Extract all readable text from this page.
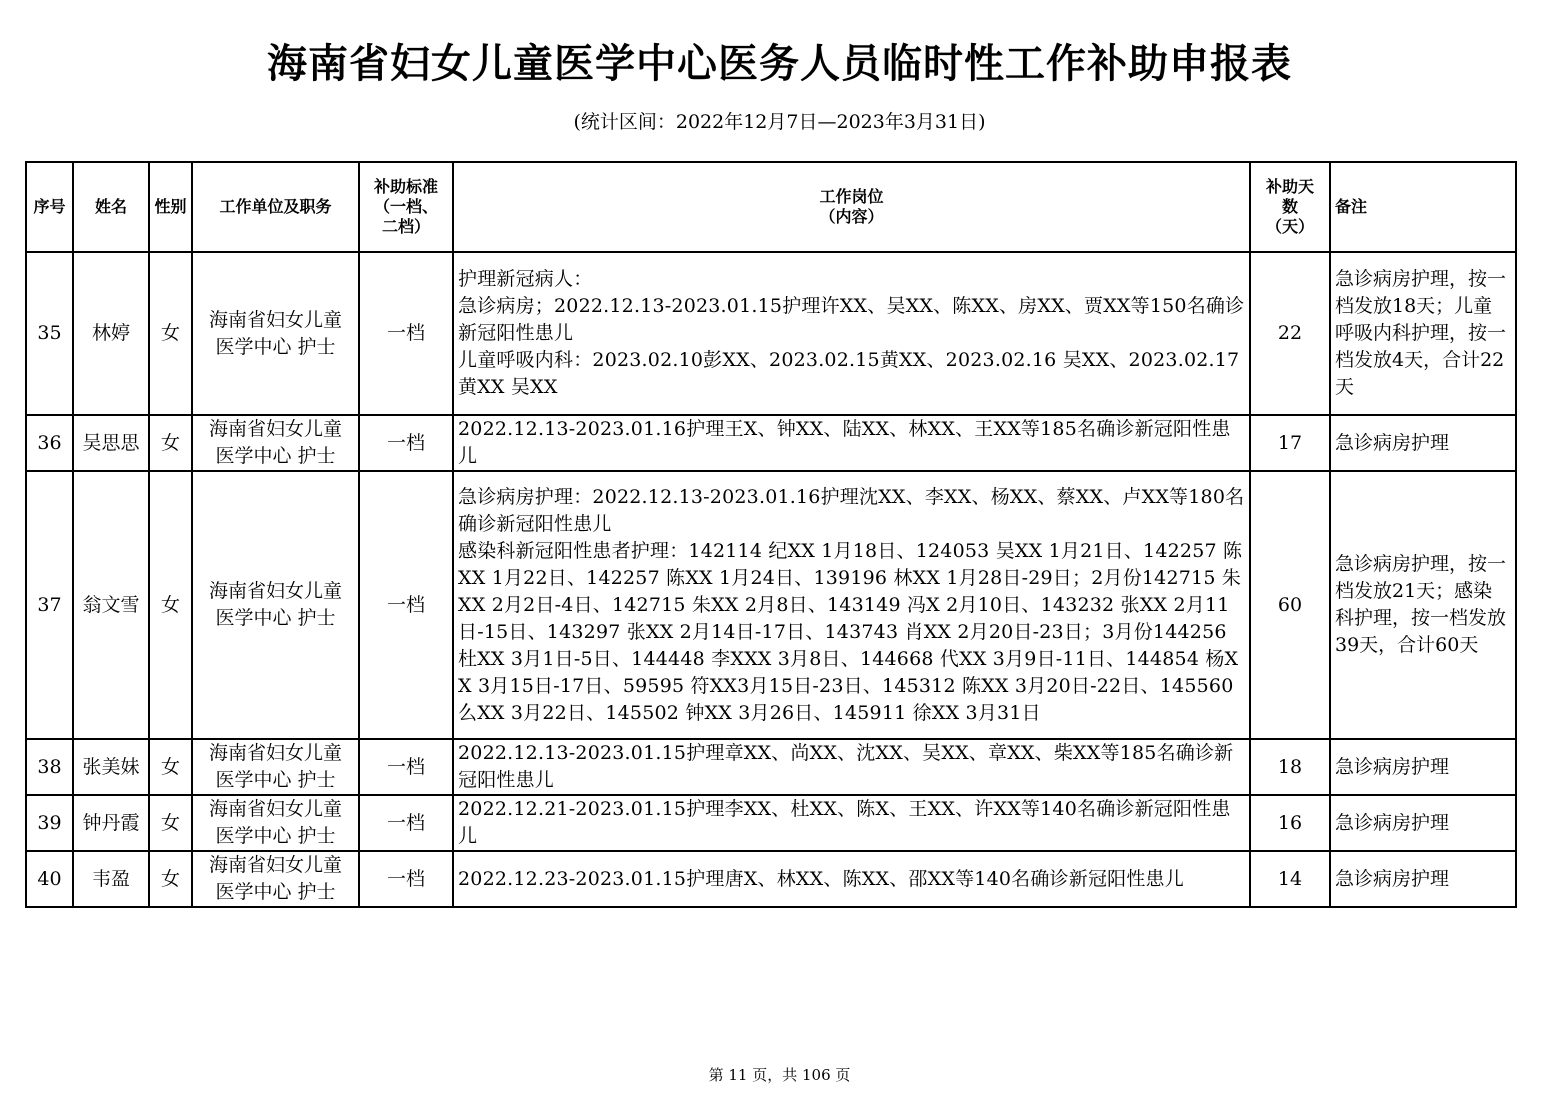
海南省妇女儿童医学中心医务人员临时性工作补助申报表
(统计区间：2022年12月7日—2023年3月31日)
序号	姓名	性别	工作单位及职务	补助标准
（一档、
二档）	工作岗位
（内容）	补助天
数
（天）	备注
35	林婷	女	海南省妇女儿童
医学中心 护士	一档	护理新冠病人：
急诊病房；2022.12.13-2023.01.15护理许XX、吴XX、陈XX、房XX、贾XX等150名确诊新冠阳性患儿
儿童呼吸内科：2023.02.10彭XX、2023.02.15黄XX、2023.02.16 吴XX、2023.02.17黄XX 吴XX	22	急诊病房护理，按一档发放18天；儿童呼吸内科护理，按一档发放4天，合计22天
36	吴思思	女	海南省妇女儿童
医学中心 护士	一档	2022.12.13-2023.01.16护理王X、钟XX、陆XX、林XX、王XX等185名确诊新冠阳性患儿	17	急诊病房护理
37	翁文雪	女	海南省妇女儿童
医学中心 护士	一档	急诊病房护理：2022.12.13-2023.01.16护理沈XX、李XX、杨XX、蔡XX、卢XX等180名确诊新冠阳性患儿
感染科新冠阳性患者护理：142114 纪XX 1月18日、124053 吴XX 1月21日、142257 陈XX 1月22日、142257 陈XX 1月24日、139196 林XX 1月28日-29日；2月份142715 朱XX 2月2日-4日、142715 朱XX 2月8日、143149 冯X 2月10日、143232 张XX 2月11日-15日、143297 张XX 2月14日-17日、143743 肖XX 2月20日-23日；3月份144256 杜XX 3月1日-5日、144448 李XXX 3月8日、144668 代XX 3月9日-11日、144854 杨XX 3月15日-17日、59595 符XX3月15日-23日、145312 陈XX 3月20日-22日、145560 么XX 3月22日、145502 钟XX 3月26日、145911 徐XX 3月31日	60	急诊病房护理，按一档发放21天；感染科护理，按一档发放39天，合计60天
38	张美妹	女	海南省妇女儿童
医学中心 护士	一档	2022.12.13-2023.01.15护理章XX、尚XX、沈XX、吴XX、章XX、柴XX等185名确诊新冠阳性患儿	18	急诊病房护理
39	钟丹霞	女	海南省妇女儿童
医学中心 护士	一档	2022.12.21-2023.01.15护理李XX、杜XX、陈X、王XX、许XX等140名确诊新冠阳性患儿	16	急诊病房护理
40	韦盈	女	海南省妇女儿童
医学中心 护士	一档	2022.12.23-2023.01.15护理唐X、林XX、陈XX、邵XX等140名确诊新冠阳性患儿	14	急诊病房护理
第 11 页，共 106 页
